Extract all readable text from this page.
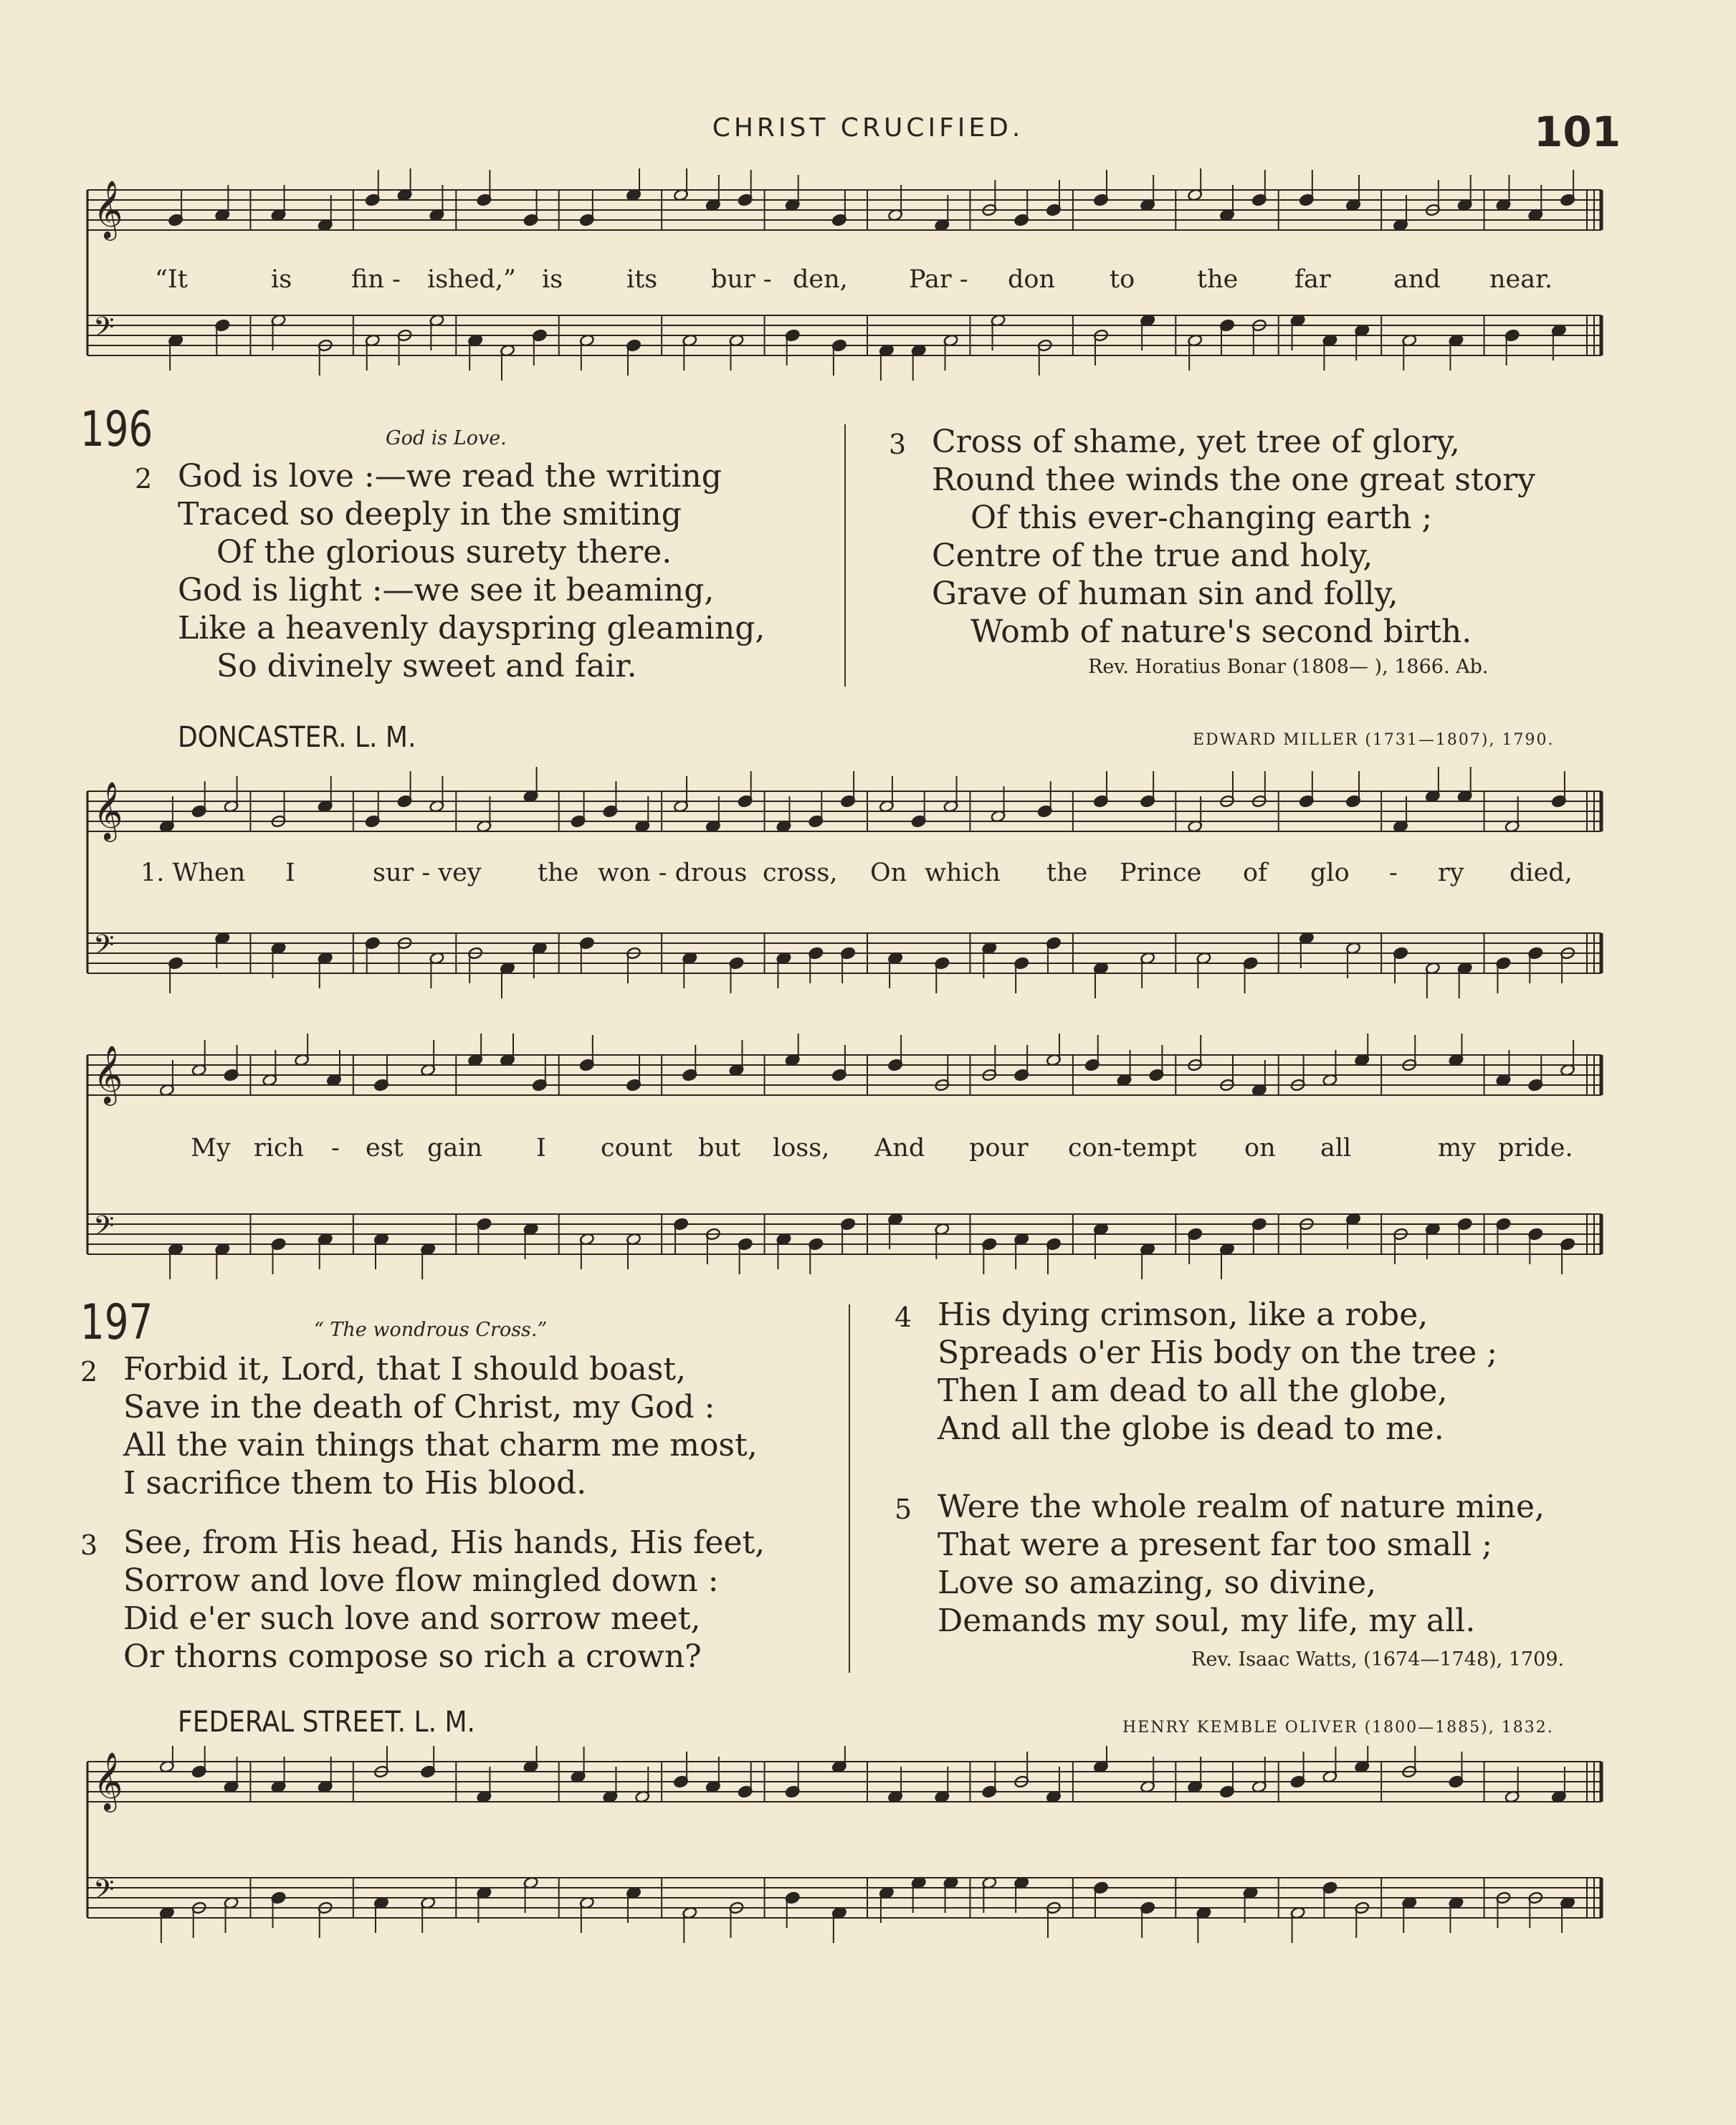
CHRIST CRUCIFIED.	101
𝄞
𝄢
“It	is fin - ished,” is	its bur - den, Par - don to the far and near.
196	God is Love.
2 God is love :—we read the writing
Traced so deeply in the smiting
Of the glorious surety there.
God is light :—we see it beaming,
Like a heavenly dayspring gleaming,
So divinely sweet and fair.
3 Cross of shame, yet tree of glory,
Round thee winds the one great story
Of this ever-changing earth ;
Centre of the true and holy,
Grave of human sin and folly,
Womb of nature's second birth.
Rev. Horatius Bonar (1808— ), 1866. Ab.
DONCASTER. L. M.	EDWARD MILLER (1731—1807), 1790.
𝄞
𝄢
1. When I	sur - vey the won - drous cross, On which the Prince of glo - ry died,
𝄞
𝄢
My rich - est gain I count but loss, And pour con-tempt on all	my pride.
197	“ The wondrous Cross.”
2 Forbid it, Lord, that I should boast,
Save in the death of Christ, my God :
All the vain things that charm me most,
I sacrifice them to His blood.
3 See, from His head, His hands, His feet,
Sorrow and love flow mingled down :
Did e'er such love and sorrow meet,
Or thorns compose so rich a crown?
4 His dying crimson, like a robe,
Spreads o'er His body on the tree ;
Then I am dead to all the globe,
And all the globe is dead to me.
5 Were the whole realm of nature mine,
That were a present far too small ;
Love so amazing, so divine,
Demands my soul, my life, my all.
Rev. Isaac Watts, (1674—1748), 1709.
FEDERAL STREET. L. M.	HENRY KEMBLE OLIVER (1800—1885), 1832.
𝄞
𝄢
